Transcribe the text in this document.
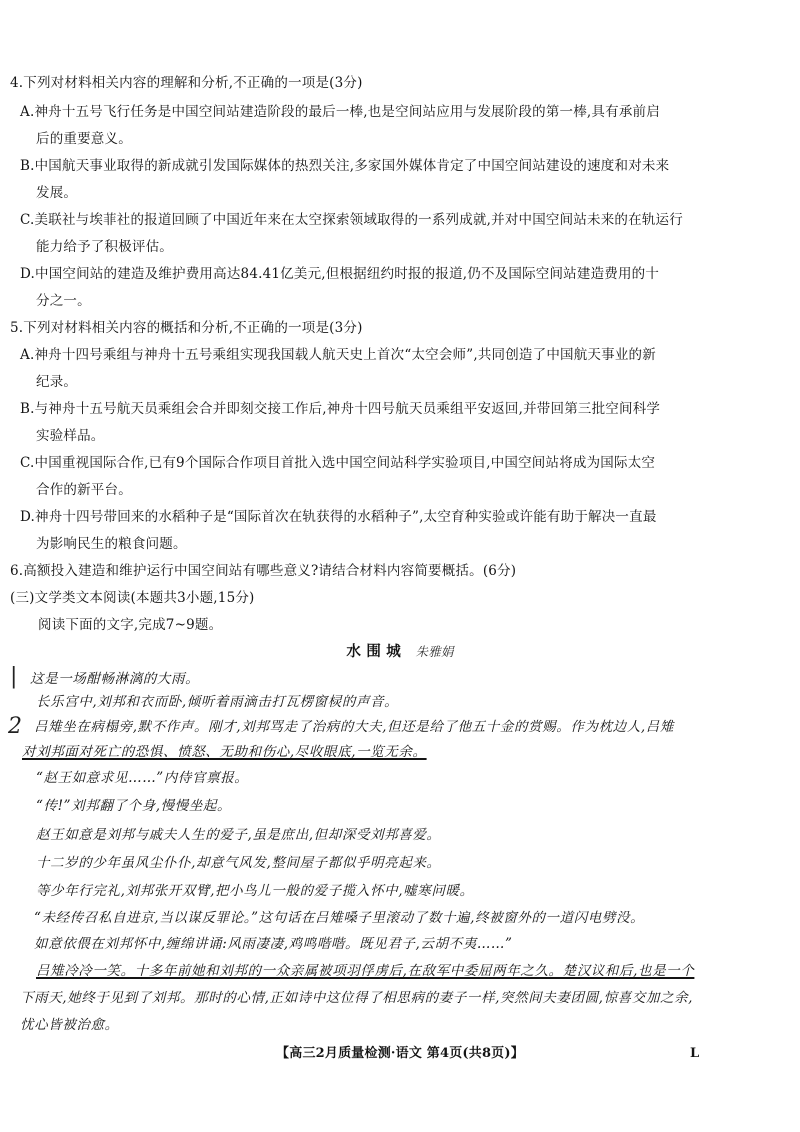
4.下列对材料相关内容的理解和分析,不正确的一项是(3分)
A.神舟十五号飞行任务是中国空间站建造阶段的最后一棒,也是空间站应用与发展阶段的第一棒,具有承前启
后的重要意义。
B.中国航天事业取得的新成就引发国际媒体的热烈关注,多家国外媒体肯定了中国空间站建设的速度和对未来
发展。
C.美联社与埃菲社的报道回顾了中国近年来在太空探索领域取得的一系列成就,并对中国空间站未来的在轨运行
能力给予了积极评估。
D.中国空间站的建造及维护费用高达84.41亿美元,但根据纽约时报的报道,仍不及国际空间站建造费用的十
分之一。
5.下列对材料相关内容的概括和分析,不正确的一项是(3分)
A.神舟十四号乘组与神舟十五号乘组实现我国载人航天史上首次“太空会师”,共同创造了中国航天事业的新
纪录。
B.与神舟十五号航天员乘组会合并即刻交接工作后,神舟十四号航天员乘组平安返回,并带回第三批空间科学
实验样品。
C.中国重视国际合作,已有9个国际合作项目首批入选中国空间站科学实验项目,中国空间站将成为国际太空
合作的新平台。
D.神舟十四号带回来的水稻种子是“国际首次在轨获得的水稻种子”,太空育种实验或许能有助于解决一直最
为影响民生的粮食问题。
6.高额投入建造和维护运行中国空间站有哪些意义?请结合材料内容简要概括。(6分)
(三)文学类文本阅读(本题共3小题,15分)
阅读下面的文字,完成7~9题。
水 围 城 朱雅娟
|
2
这是一场酣畅淋漓的大雨。
长乐宫中,刘邦和衣而卧,倾听着雨滴击打瓦楞窗棂的声音。
吕雉坐在病榻旁,默不作声。刚才,刘邦骂走了治病的大夫,但还是给了他五十金的赏赐。作为枕边人,吕雉
对刘邦面对死亡的恐惧、愤怒、无助和伤心,尽收眼底,一览无余。
“赵王如意求见……”内侍官禀报。
“传!”刘邦翻了个身,慢慢坐起。
赵王如意是刘邦与戚夫人生的爱子,虽是庶出,但却深受刘邦喜爱。
十二岁的少年虽风尘仆仆,却意气风发,整间屋子都似乎明亮起来。
等少年行完礼,刘邦张开双臂,把小鸟儿一般的爱子揽入怀中,嘘寒问暖。
“未经传召私自进京,当以谋反罪论。”这句话在吕雉嗓子里滚动了数十遍,终被窗外的一道闪电劈没。
如意依偎在刘邦怀中,缠绵讲诵:风雨凄凄,鸡鸣喈喈。既见君子,云胡不夷……”
吕雉冷冷一笑。十多年前她和刘邦的一众亲属被项羽俘虏后,在敌军中委屈两年之久。楚汉议和后,也是一个
下雨天,她终于见到了刘邦。那时的心情,正如诗中这位得了相思病的妻子一样,突然间夫妻团圆,惊喜交加之余,
忧心皆被治愈。
【高三2月质量检测·语文 第4页(共8页)】	L
